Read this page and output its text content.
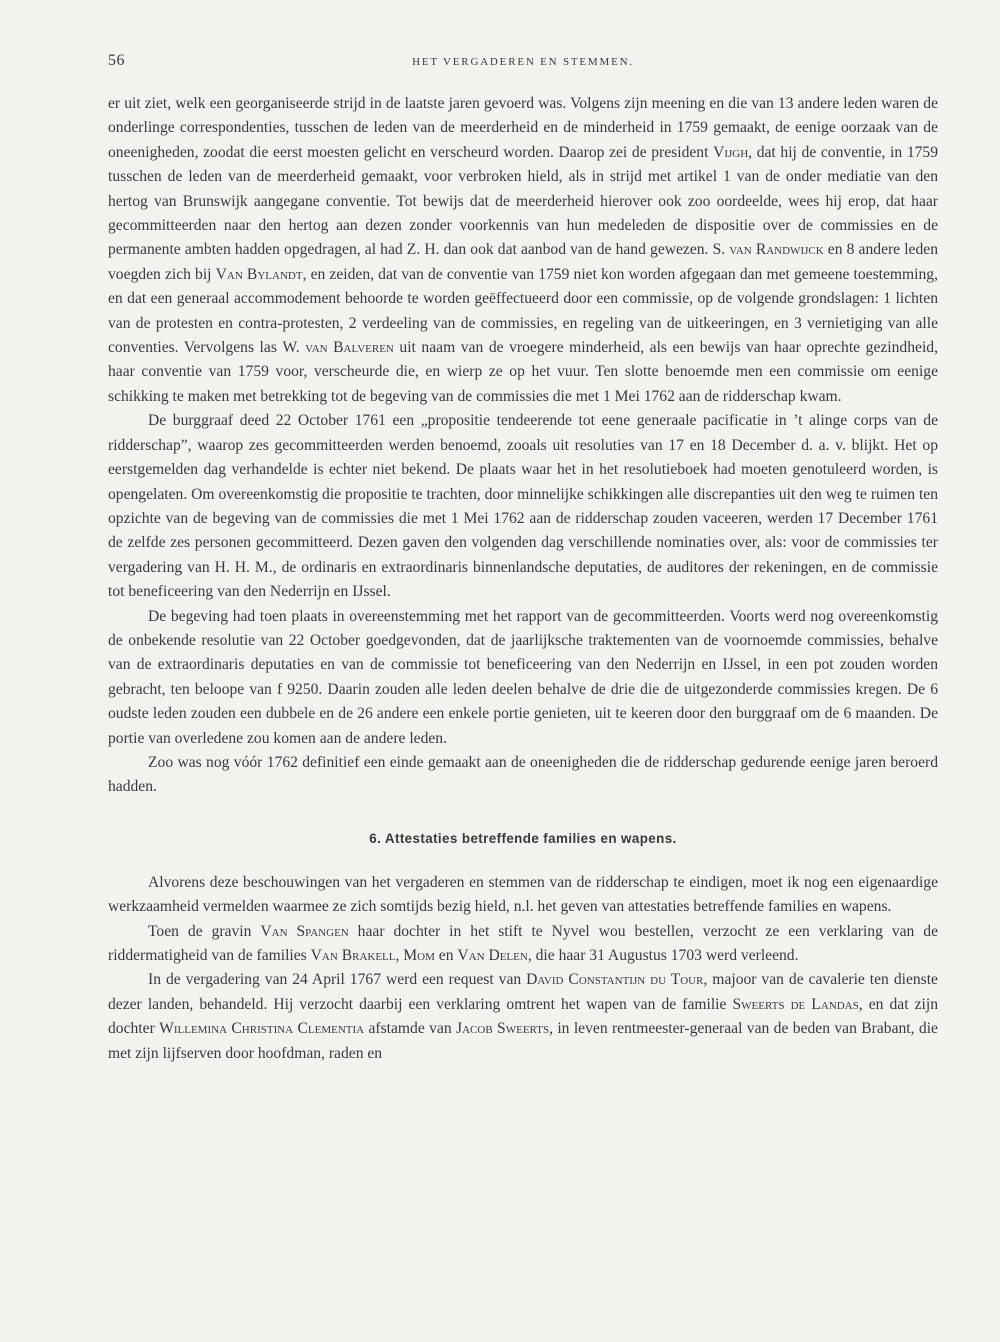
56	HET VERGADEREN EN STEMMEN.

er uit ziet, welk een georganiseerde strijd in de laatste jaren gevoerd was. Volgens zijn meening en die van 13 andere leden waren de onderlinge correspondenties, tusschen de leden van de meerderheid en de minderheid in 1759 gemaakt, de eenige oorzaak van de oneenigheden, zoodat die eerst moesten gelicht en verscheurd worden. Daarop zei de president Vijgh, dat hij de conventie, in 1759 tusschen de leden van de meerderheid gemaakt, voor verbroken hield, als in strijd met artikel 1 van de onder mediatie van den hertog van Brunswijk aangegane conventie. Tot bewijs dat de meerderheid hierover ook zoo oordeelde, wees hij erop, dat haar gecommitteerden naar den hertog aan dezen zonder voorkennis van hun medeleden de dispositie over de commissies en de permanente ambten hadden opgedragen, al had Z. H. dan ook dat aanbod van de hand gewezen. S. van Randwijck en 8 andere leden voegden zich bij Van Bylandt, en zeiden, dat van de conventie van 1759 niet kon worden afgegaan dan met gemeene toestemming, en dat een generaal accommodement behoorde te worden geëffectueerd door een commissie, op de volgende grondslagen: 1 lichten van de protesten en contra-protesten, 2 verdeeling van de commissies, en regeling van de uitkeeringen, en 3 vernietiging van alle conventies. Vervolgens las W. van Balveren uit naam van de vroegere minderheid, als een bewijs van haar oprechte gezindheid, haar conventie van 1759 voor, verscheurde die, en wierp ze op het vuur. Ten slotte benoemde men een commissie om eenige schikking te maken met betrekking tot de begeving van de commissies die met 1 Mei 1762 aan de ridderschap kwam.

De burggraaf deed 22 October 1761 een „propositie tendeerende tot eene generaale pacificatie in ’t alinge corps van de ridderschap”, waarop zes gecommitteerden werden benoemd, zooals uit resoluties van 17 en 18 December d. a. v. blijkt. Het op eerstgemelden dag verhandelde is echter niet bekend. De plaats waar het in het resolutieboek had moeten genotuleerd worden, is opengelaten. Om overeenkomstig die propositie te trachten, door minnelijke schikkingen alle discrepanties uit den weg te ruimen ten opzichte van de begeving van de commissies die met 1 Mei 1762 aan de ridderschap zouden vaceeren, werden 17 December 1761 de zelfde zes personen gecommitteerd. Dezen gaven den volgenden dag verschillende nominaties over, als: voor de commissies ter vergadering van H. H. M., de ordinaris en extraordinaris binnenlandsche deputaties, de auditores der rekeningen, en de commissie tot beneficeering van den Nederrijn en IJssel.

De begeving had toen plaats in overeenstemming met het rapport van de gecommitteerden. Voorts werd nog overeenkomstig de onbekende resolutie van 22 October goedgevonden, dat de jaarlijksche traktementen van de voornoemde commissies, behalve van de extraordinaris deputaties en van de commissie tot beneficeering van den Nederrijn en IJssel, in een pot zouden worden gebracht, ten beloope van f 9250. Daarin zouden alle leden deelen behalve de drie die de uitgezonderde commissies kregen. De 6 oudste leden zouden een dubbele en de 26 andere een enkele portie genieten, uit te keeren door den burggraaf om de 6 maanden. De portie van overledene zou komen aan de andere leden.

Zoo was nog vóór 1762 definitief een einde gemaakt aan de oneenigheden die de ridderschap gedurende eenige jaren beroerd hadden.

6. Attestaties betreffende families en wapens.

Alvorens deze beschouwingen van het vergaderen en stemmen van de ridderschap te eindigen, moet ik nog een eigenaardige werkzaamheid vermelden waarmee ze zich somtijds bezig hield, n.l. het geven van attestaties betreffende families en wapens.

Toen de gravin Van Spangen haar dochter in het stift te Nyvel wou bestellen, verzocht ze een verklaring van de riddermatigheid van de families Van Brakell, Mom en Van Delen, die haar 31 Augustus 1703 werd verleend.

In de vergadering van 24 April 1767 werd een request van David Constantijn du Tour, majoor van de cavalerie ten dienste dezer landen, behandeld. Hij verzocht daarbij een verklaring omtrent het wapen van de familie Sweerts de Landas, en dat zijn dochter Willemina Christina Clementia afstamde van Jacob Sweerts, in leven rentmeester-generaal van de beden van Brabant, die met zijn lijfserven door hoofdman, raden en
